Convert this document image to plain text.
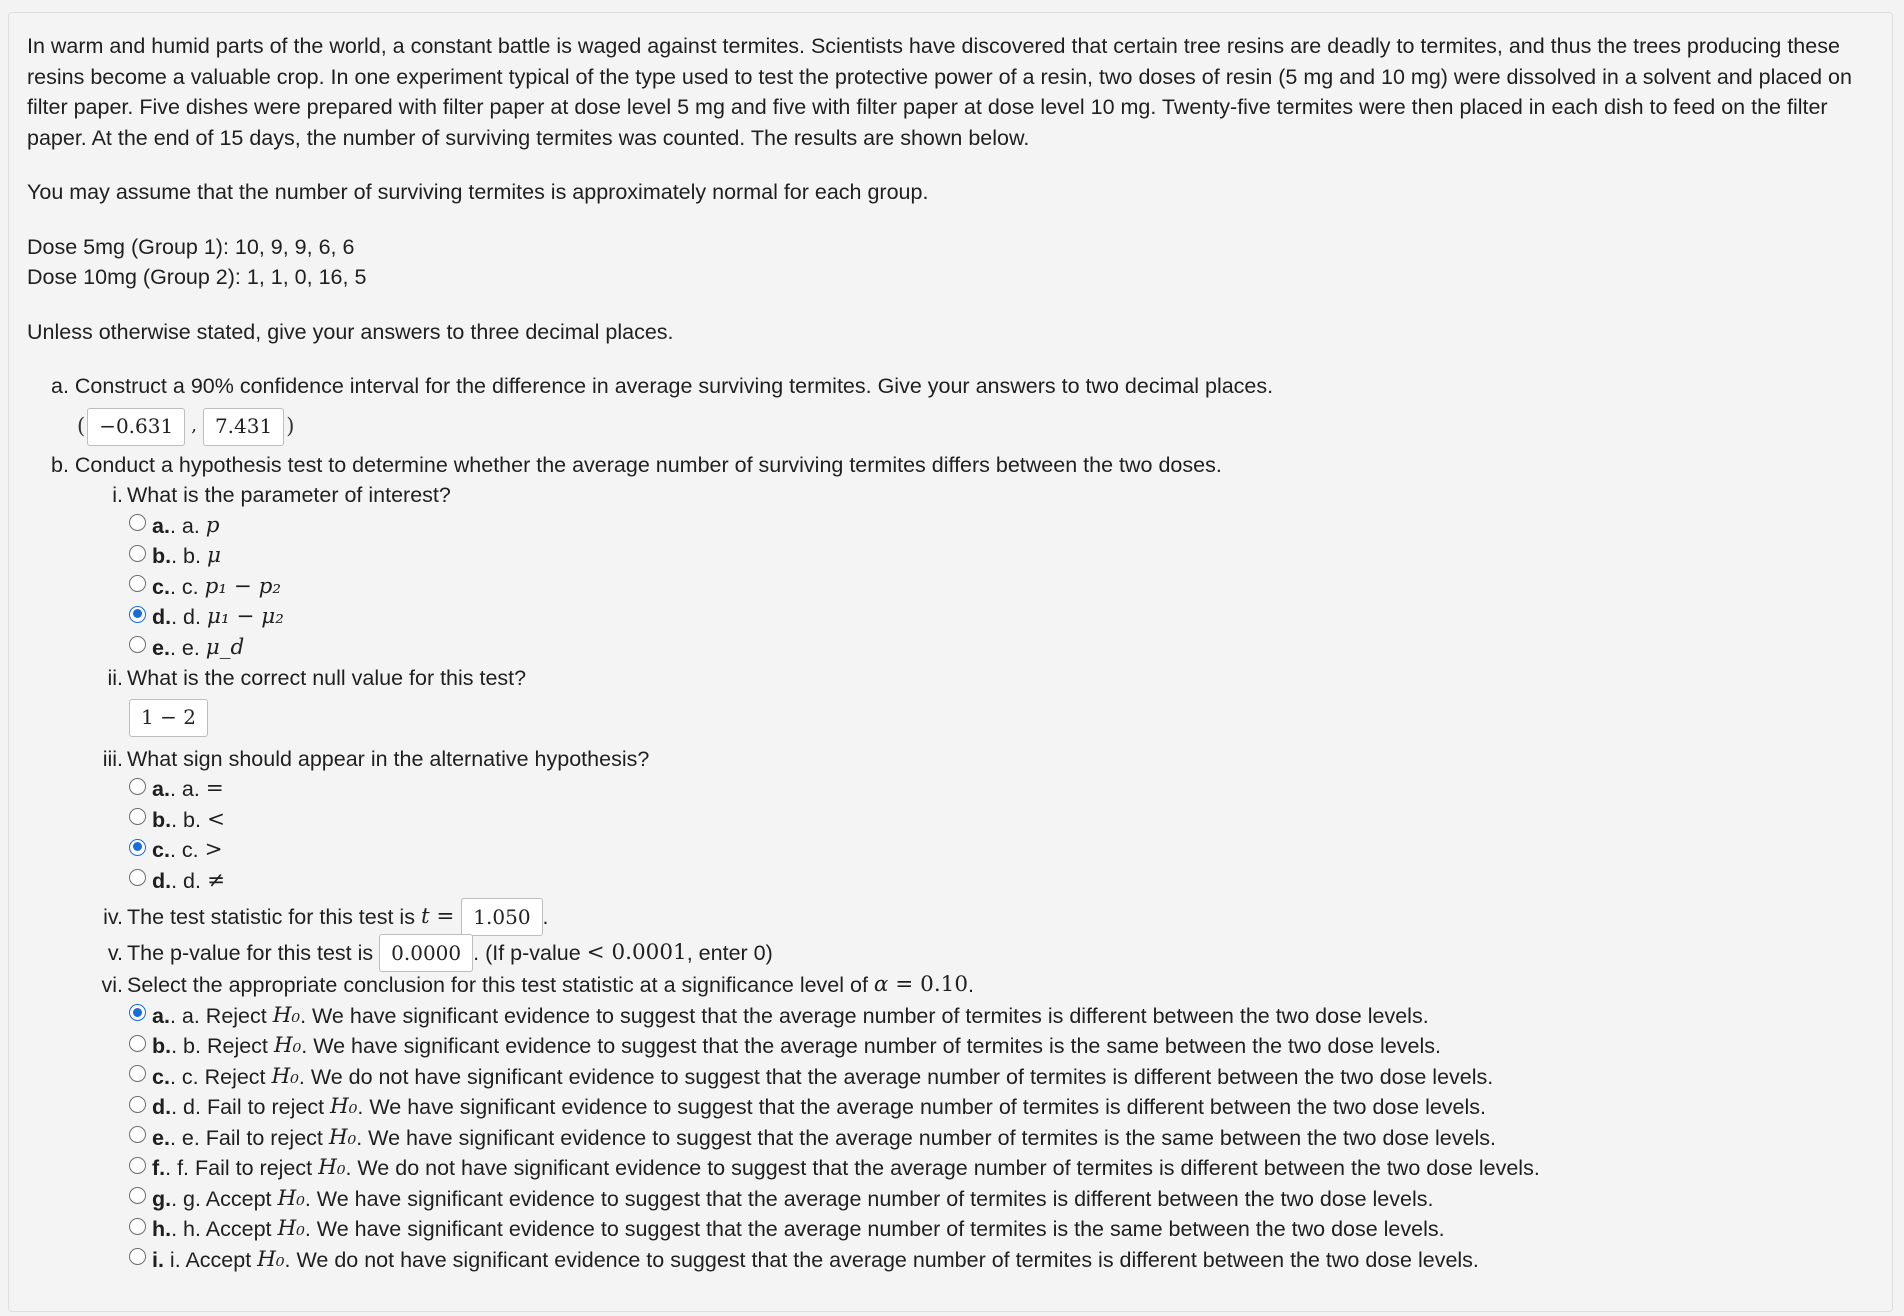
In warm and humid parts of the world, a constant battle is waged against termites. Scientists have discovered that certain tree resins are deadly to termites, and thus the trees producing these resins become a valuable crop. In one experiment typical of the type used to test the protective power of a resin, two doses of resin (5 mg and 10 mg) were dissolved in a solvent and placed on filter paper. Five dishes were prepared with filter paper at dose level 5 mg and five with filter paper at dose level 10 mg. Twenty-five termites were then placed in each dish to feed on the filter paper. At the end of 15 days, the number of surviving termites was counted. The results are shown below.

You may assume that the number of surviving termites is approximately normal for each group.

Dose 5mg (Group 1): 10, 9, 9, 6, 6

Dose 10mg (Group 2): 1, 1, 0, 16, 5

Unless otherwise stated, give your answers to three decimal places.

a. Construct a 90% confidence interval for the difference in average surviving termites. Give your answers to two decimal places.
( −0.631	, 7.431 )
b. Conduct a hypothesis test to determine whether the average number of surviving termites differs between the two doses.
i. What is the parameter of interest?
a. . a. p
b. . b. μ
c. . c. p₁ − p₂
d. . d. μ₁ − μ₂
e. . e. μ_d
ii. What is the correct null value for this test?
1 − 2
iii. What sign should appear in the alternative hypothesis?
a. . a. =
b. . b. <
c. . c. >
d. . d. ≠
iv. The test statistic for this test is t = 1.050 .
v. The p-value for this test is 0.0000 . (If p-value < 0.0001 , enter 0)
vi. Select the appropriate conclusion for this test statistic at a significance level of α = 0.10 .
a. . a. Reject H₀ . We have significant evidence to suggest that the average number of termites is different between the two dose levels.
b. . b. Reject H₀ . We have significant evidence to suggest that the average number of termites is the same between the two dose levels.
c. . c. Reject H₀ . We do not have significant evidence to suggest that the average number of termites is different between the two dose levels.
d. . d. Fail to reject H₀ . We have significant evidence to suggest that the average number of termites is different between the two dose levels.
e. . e. Fail to reject H₀ . We have significant evidence to suggest that the average number of termites is the same between the two dose levels.
f. . f. Fail to reject H₀ . We do not have significant evidence to suggest that the average number of termites is different between the two dose levels.
g. . g. Accept H₀ . We have significant evidence to suggest that the average number of termites is different between the two dose levels.
h. . h. Accept H₀ . We have significant evidence to suggest that the average number of termites is the same between the two dose levels.
i. i. Accept H₀ . We do not have significant evidence to suggest that the average number of termites is different between the two dose levels.
